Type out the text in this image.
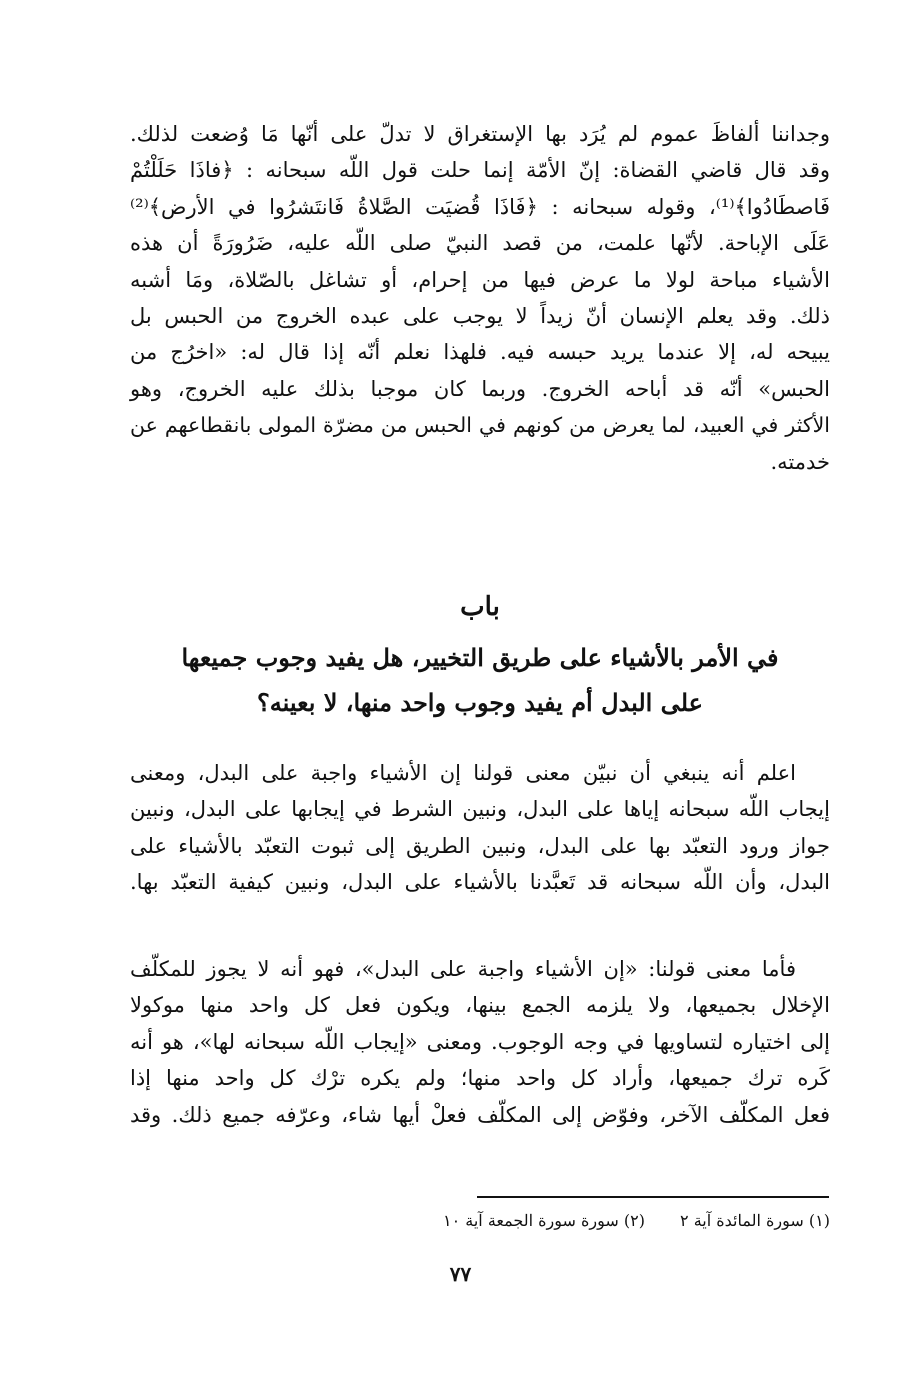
وجداننا ألفاظَ عموم لم يُرَد بها الإستغراق لا تدلّ على أنّها مَا وُضعت لذلك.

وقد قال قاضي القضاة: إنّ الأمّة إنما حلت قول اللّه سبحانه : ﴿فاذَا حَلَلْتُمْ

فَاصطَادُوا﴾⁽¹⁾، وقوله سبحانه : ﴿فَاذَا قُضيَت الصَّلاةُ فَانتَشرُوا في الأرض﴾⁽²⁾

عَلَى الإباحة. لأنّها علمت، من قصد النبيّ صلى اللّه عليه، ضَرُورَةً أن هذه

الأشياء مباحة لولا ما عرض فيها من إحرام، أو تشاغل بالصّلاة، ومَا أشبه

ذلك. وقد يعلم الإنسان أنّ زيداً لا يوجب على عبده الخروج من الحبس بل

يبيحه له، إلا عندما يريد حبسه فيه. فلهذا نعلم أنّه إذا قال له: «اخرُج من

الحبس» أنّه قد أباحه الخروج. وربما كان موجبا بذلك عليه الخروج، وهو

الأكثر في العبيد، لما يعرض من كونهم في الحبس من مضرّة المولى بانقطاعهم عن

خدمته.

باب
في الأمر بالأشياء على طريق التخيير، هل يفيد وجوب جميعها
على البدل أم يفيد وجوب واحد منها، لا بعينه؟

اعلم أنه ينبغي أن نبيّن معنى قولنا إن الأشياء واجبة على البدل، ومعنى

إيجاب اللّه سبحانه إياها على البدل، ونبين الشرط في إيجابها على البدل، ونبين

جواز ورود التعبّد بها على البدل، ونبين الطريق إلى ثبوت التعبّد بالأشياء على

البدل، وأن اللّه سبحانه قد تَعبَّدنا بالأشياء على البدل، ونبين كيفية التعبّد بها.

فأما معنى قولنا: «إن الأشياء واجبة على البدل»، فهو أنه لا يجوز للمكلّف

الإخلال بجميعها، ولا يلزمه الجمع بينها، ويكون فعل كل واحد منها موكولا

إلى اختياره لتساويها في وجه الوجوب. ومعنى «إيجاب اللّه سبحانه لها»، هو أنه

كَره ترك جميعها، وأراد كل واحد منها؛ ولم يكره ترْك كل واحد منها إذا

فعل المكلّف الآخر، وفوّض إلى المكلّف فعلْ أيها شاء، وعرّفه جميع ذلك. وقد

(١) سورة المائدة آية ٢ (٢) سورة سورة الجمعة آية ١٠
٧٧
